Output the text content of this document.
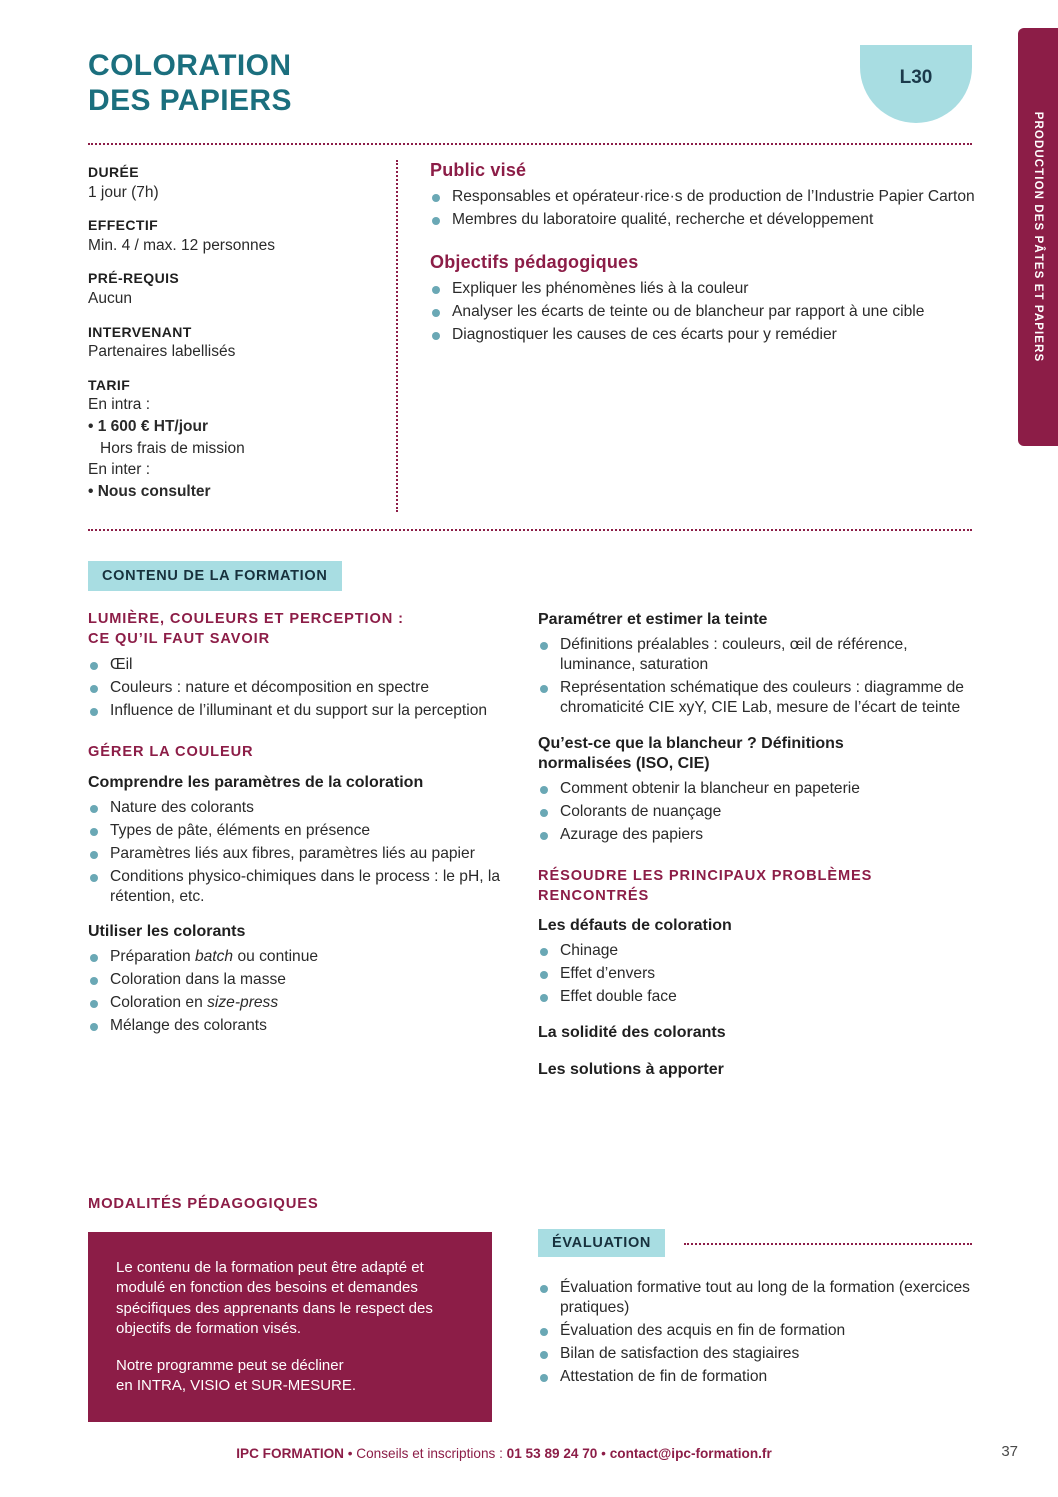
PRODUCTION DES PÂTES ET PAPIERS
COLORATION
DES PAPIERS
L30
DURÉE
1 jour (7h)
EFFECTIF
Min. 4 / max. 12 personnes
PRÉ-REQUIS
Aucun
INTERVENANT
Partenaires labellisés
TARIF
En intra :
• 1 600 € HT/jour
Hors frais de mission
En inter :
• Nous consulter
Public visé
Responsables et opérateur·rice·s de production de l’Industrie Papier Carton
Membres du laboratoire qualité, recherche et développement
Objectifs pédagogiques
Expliquer les phénomènes liés à la couleur
Analyser les écarts de teinte ou de blancheur par rapport à une cible
Diagnostiquer les causes de ces écarts pour y remédier
CONTENU DE LA FORMATION
LUMIÈRE, COULEURS ET PERCEPTION :
CE QU’IL FAUT SAVOIR
Œil
Couleurs : nature et décomposition en spectre
Influence de l’illuminant et du support sur la perception
GÉRER LA COULEUR
Comprendre les paramètres de la coloration
Nature des colorants
Types de pâte, éléments en présence
Paramètres liés aux fibres, paramètres liés au papier
Conditions physico-chimiques dans le process : le pH, la rétention, etc.
Utiliser les colorants
Préparation batch ou continue
Coloration dans la masse
Coloration en size-press
Mélange des colorants
Paramétrer et estimer la teinte
Définitions préalables : couleurs, œil de référence, luminance, saturation
Représentation schématique des couleurs : diagramme de chromaticité CIE xyY, CIE Lab, mesure de l’écart de teinte
Qu’est-ce que la blancheur ? Définitions
normalisées (ISO, CIE)
Comment obtenir la blancheur en papeterie
Colorants de nuançage
Azurage des papiers
RÉSOUDRE LES PRINCIPAUX PROBLÈMES
RENCONTRÉS
Les défauts de coloration
Chinage
Effet d’envers
Effet double face
La solidité des colorants
Les solutions à apporter
MODALITÉS PÉDAGOGIQUES

Le contenu de la formation peut être adapté et modulé en fonction des besoins et demandes spécifiques des apprenants dans le respect des objectifs de formation visés.

Notre programme peut se décliner
en INTRA, VISIO et SUR-MESURE.

ÉVALUATION
Évaluation formative tout au long de la formation (exercices pratiques)
Évaluation des acquis en fin de formation
Bilan de satisfaction des stagiaires
Attestation de fin de formation
IPC FORMATION • Conseils et inscriptions : 01 53 89 24 70 • contact@ipc-formation.fr	37
